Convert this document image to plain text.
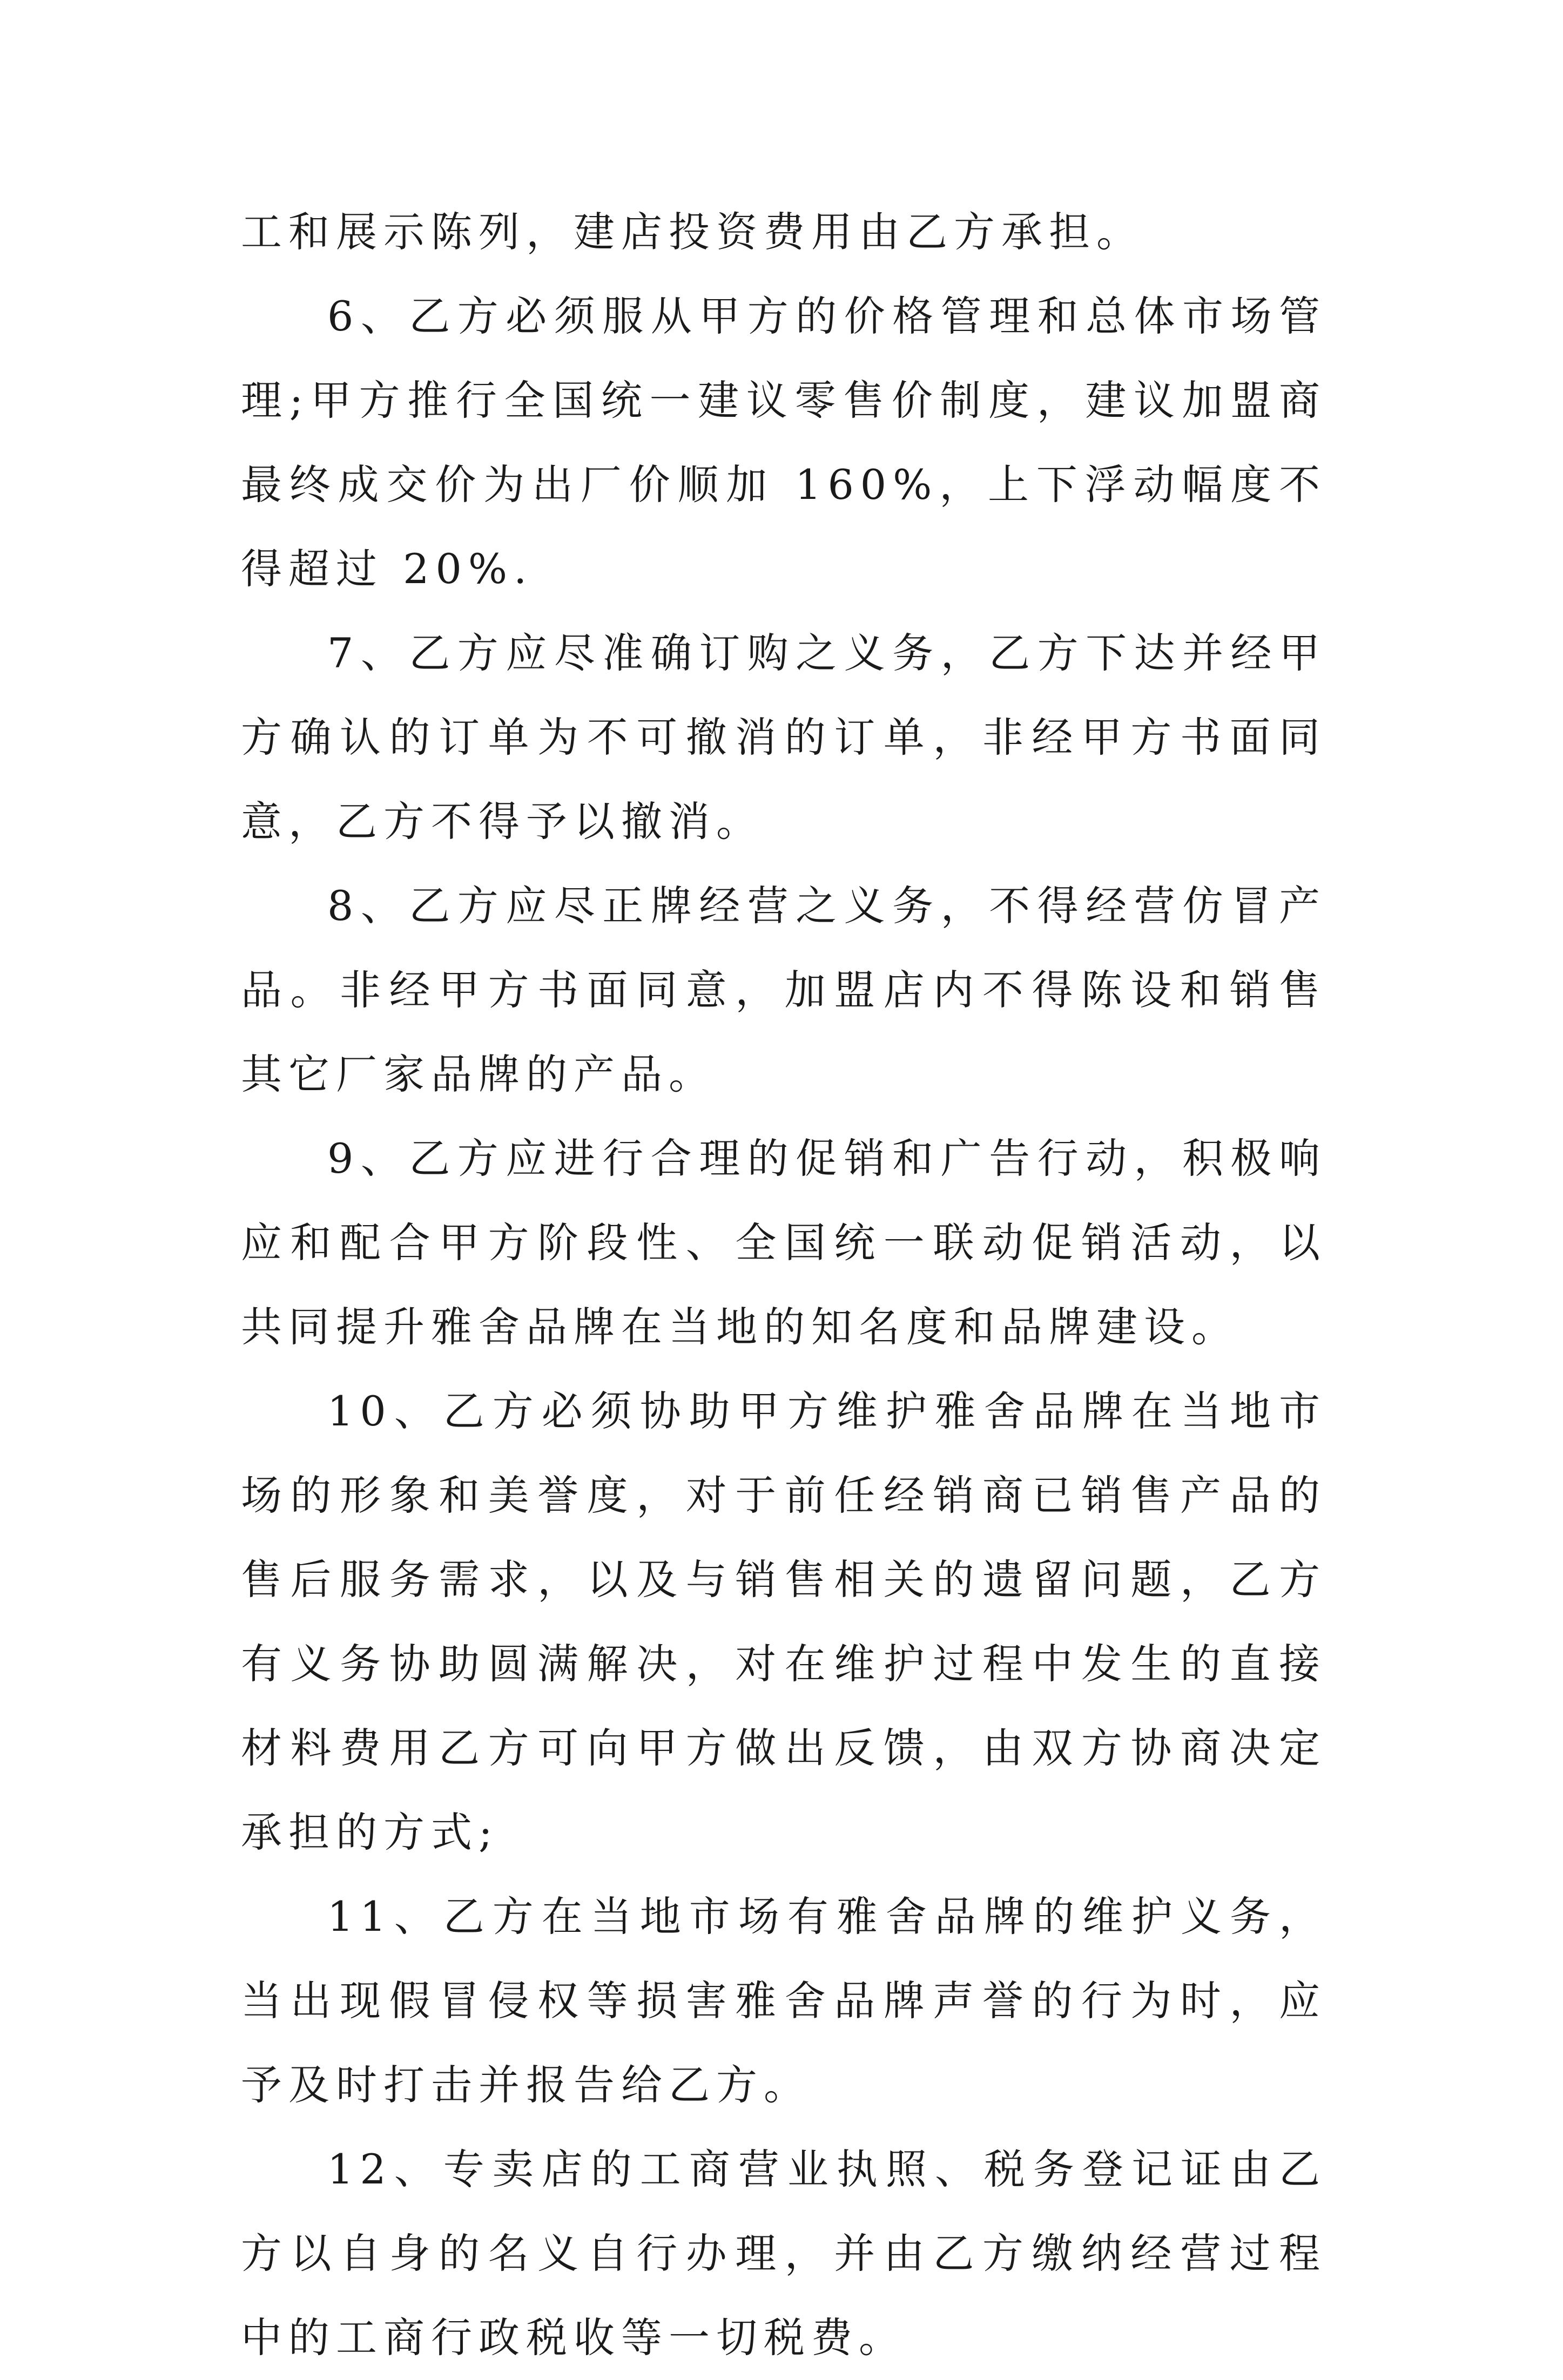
工和展示陈列，建店投资费用由乙方承担。

6、乙方必须服从甲方的价格管理和总体市场管理;甲方推行全国统一建议零售价制度，建议加盟商最终成交价为出厂价顺加 160%，上下浮动幅度不得超过 20%.

7、乙方应尽准确订购之义务，乙方下达并经甲方确认的订单为不可撤消的订单，非经甲方书面同意，乙方不得予以撤消。

8、乙方应尽正牌经营之义务，不得经营仿冒产品。非经甲方书面同意，加盟店内不得陈设和销售其它厂家品牌的产品。

9、乙方应进行合理的促销和广告行动，积极响应和配合甲方阶段性、全国统一联动促销活动，以共同提升雅舍品牌在当地的知名度和品牌建设。

10、乙方必须协助甲方维护雅舍品牌在当地市场的形象和美誉度，对于前任经销商已销售产品的售后服务需求，以及与销售相关的遗留问题，乙方有义务协助圆满解决，对在维护过程中发生的直接材料费用乙方可向甲方做出反馈，由双方协商决定承担的方式;

11、乙方在当地市场有雅舍品牌的维护义务，当出现假冒侵权等损害雅舍品牌声誉的行为时，应予及时打击并报告给乙方。

12、专卖店的工商营业执照、税务登记证由乙方以自身的名义自行办理，并由乙方缴纳经营过程中的工商行政税收等一切税费。
